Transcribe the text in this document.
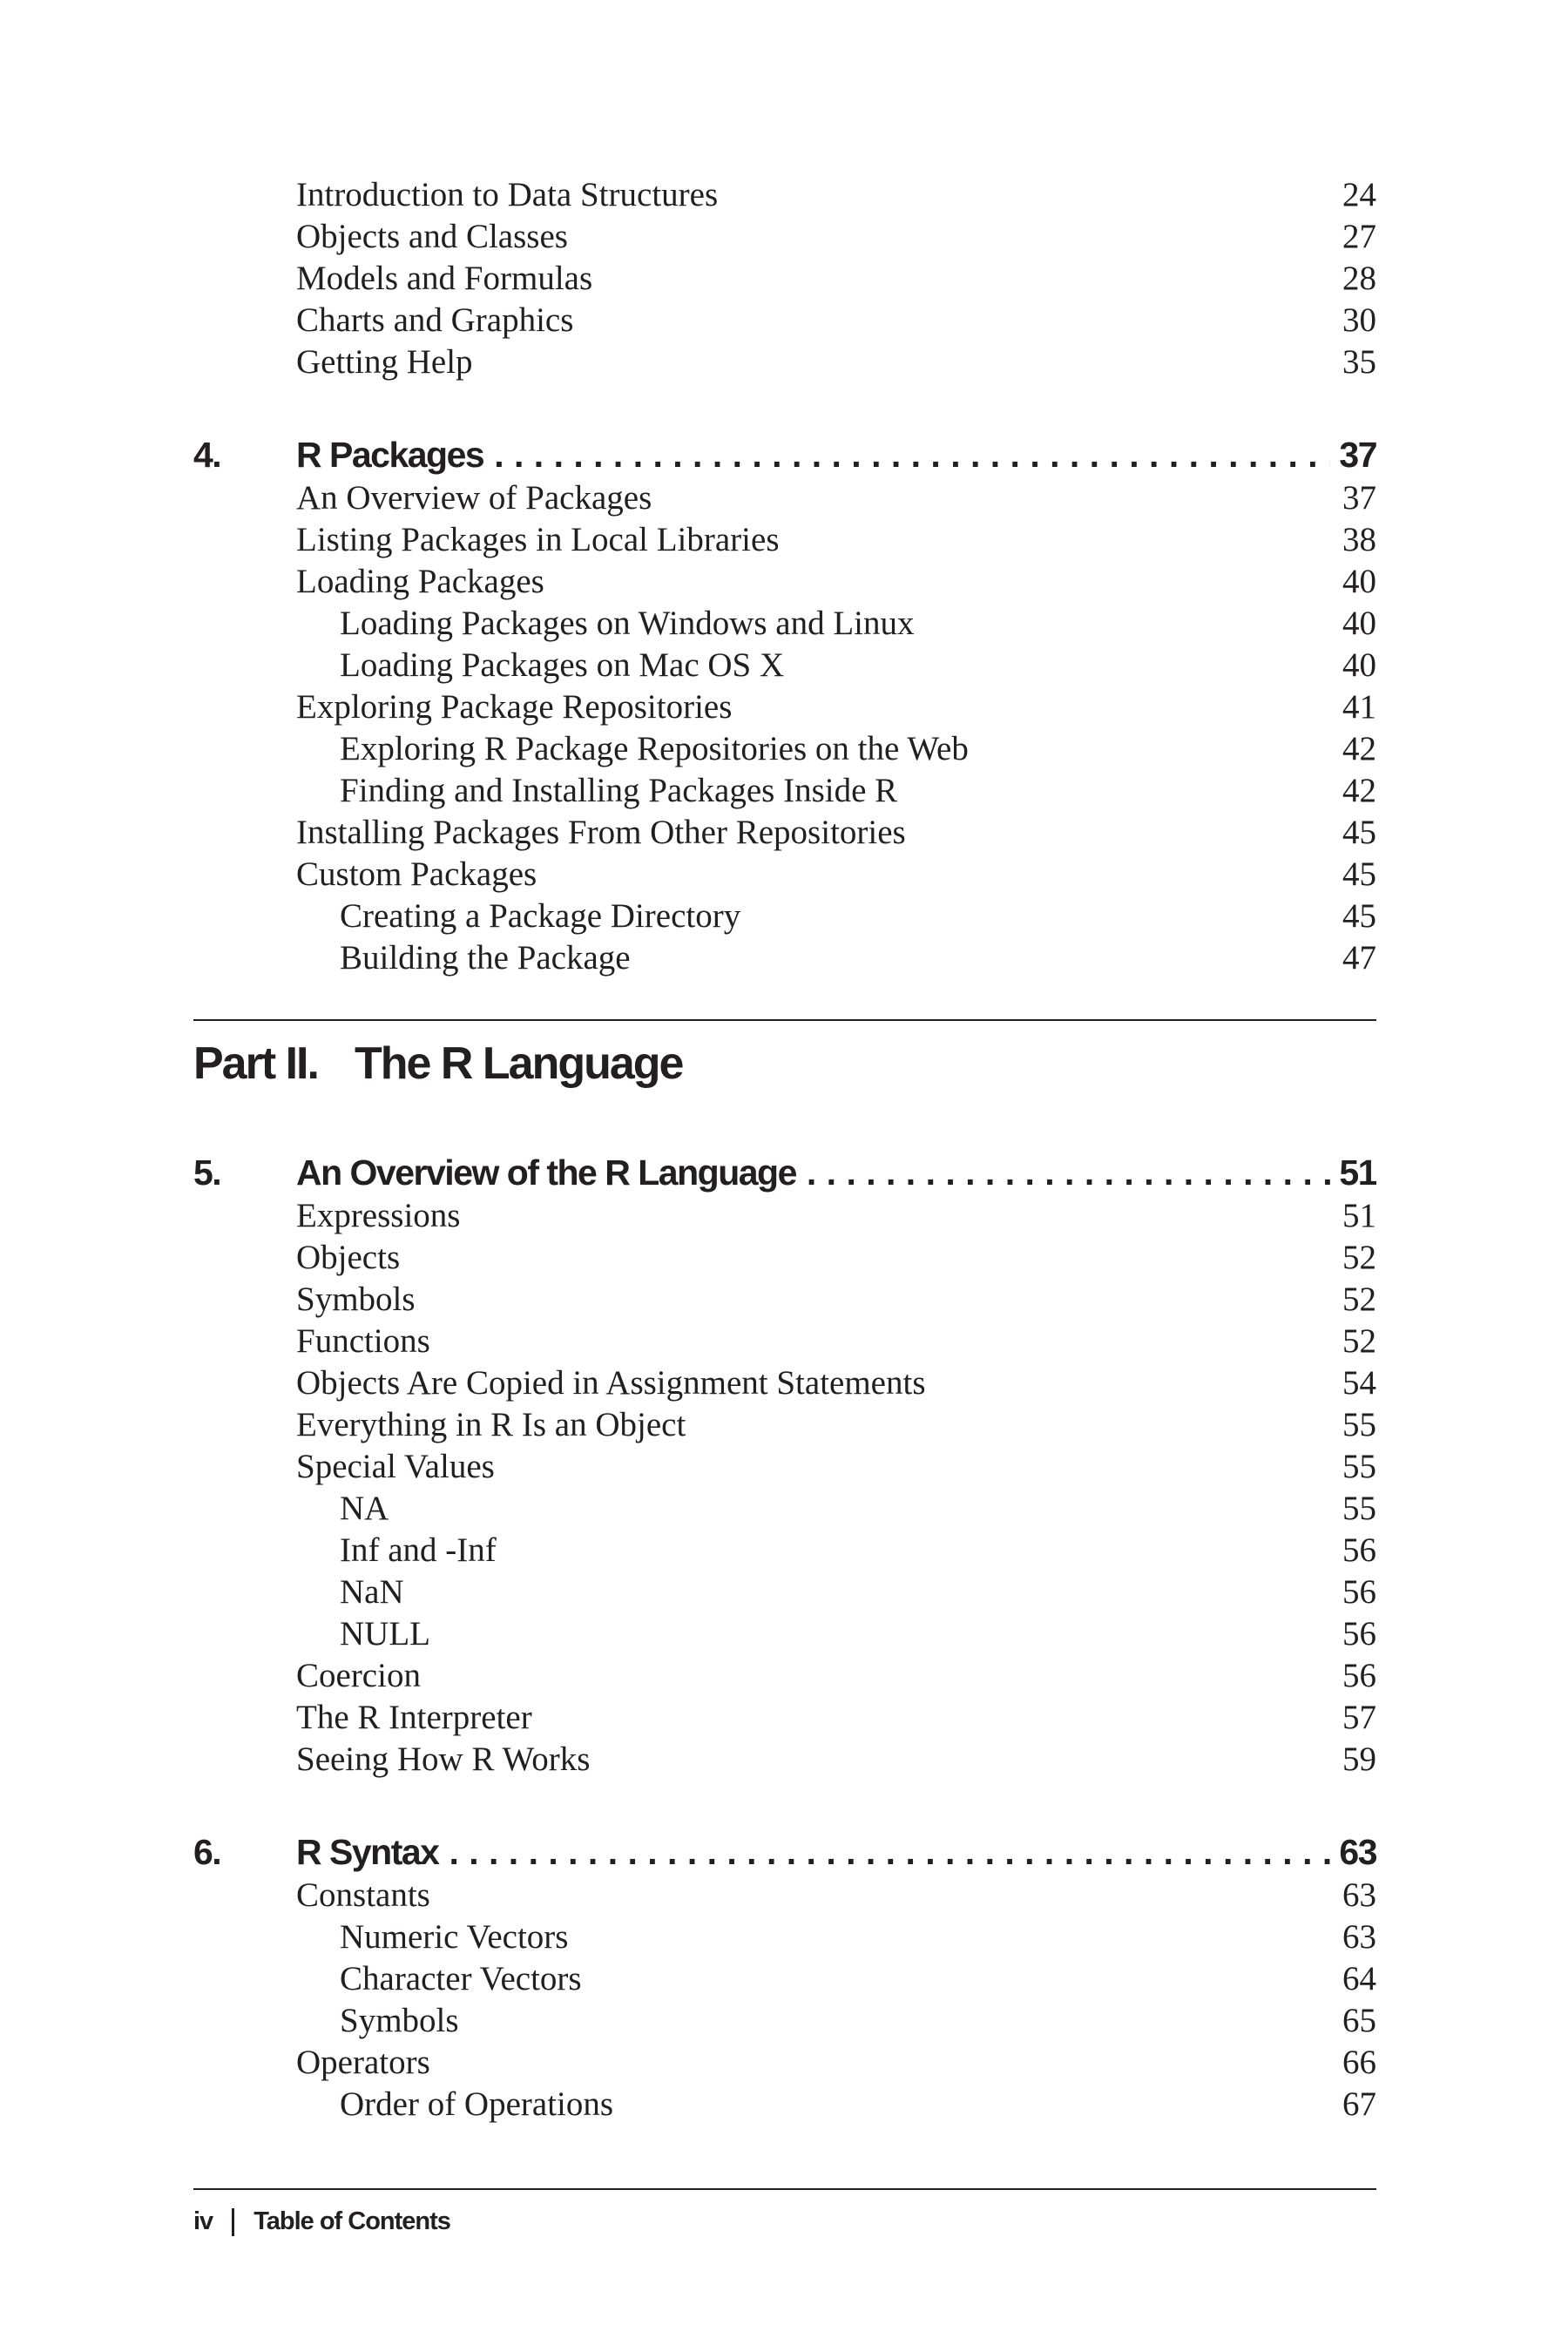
Introduction to Data Structures	24
Objects and Classes	27
Models and Formulas	28
Charts and Graphics	30
Getting Help	35
4. R Packages . . .	37
An Overview of Packages	37
Listing Packages in Local Libraries	38
Loading Packages	40
Loading Packages on Windows and Linux	40
Loading Packages on Mac OS X	40
Exploring Package Repositories	41
Exploring R Package Repositories on the Web	42
Finding and Installing Packages Inside R	42
Installing Packages From Other Repositories	45
Custom Packages	45
Creating a Package Directory	45
Building the Package	47
Part II. The R Language
5. An Overview of the R Language . . .	51
Expressions	51
Objects	52
Symbols	52
Functions	52
Objects Are Copied in Assignment Statements	54
Everything in R Is an Object	55
Special Values	55
NA	55
Inf and -Inf	56
NaN	56
NULL	56
Coercion	56
The R Interpreter	57
Seeing How R Works	59
6. R Syntax . . .	63
Constants	63
Numeric Vectors	63
Character Vectors	64
Symbols	65
Operators	66
Order of Operations	67
iv Table of Contents
